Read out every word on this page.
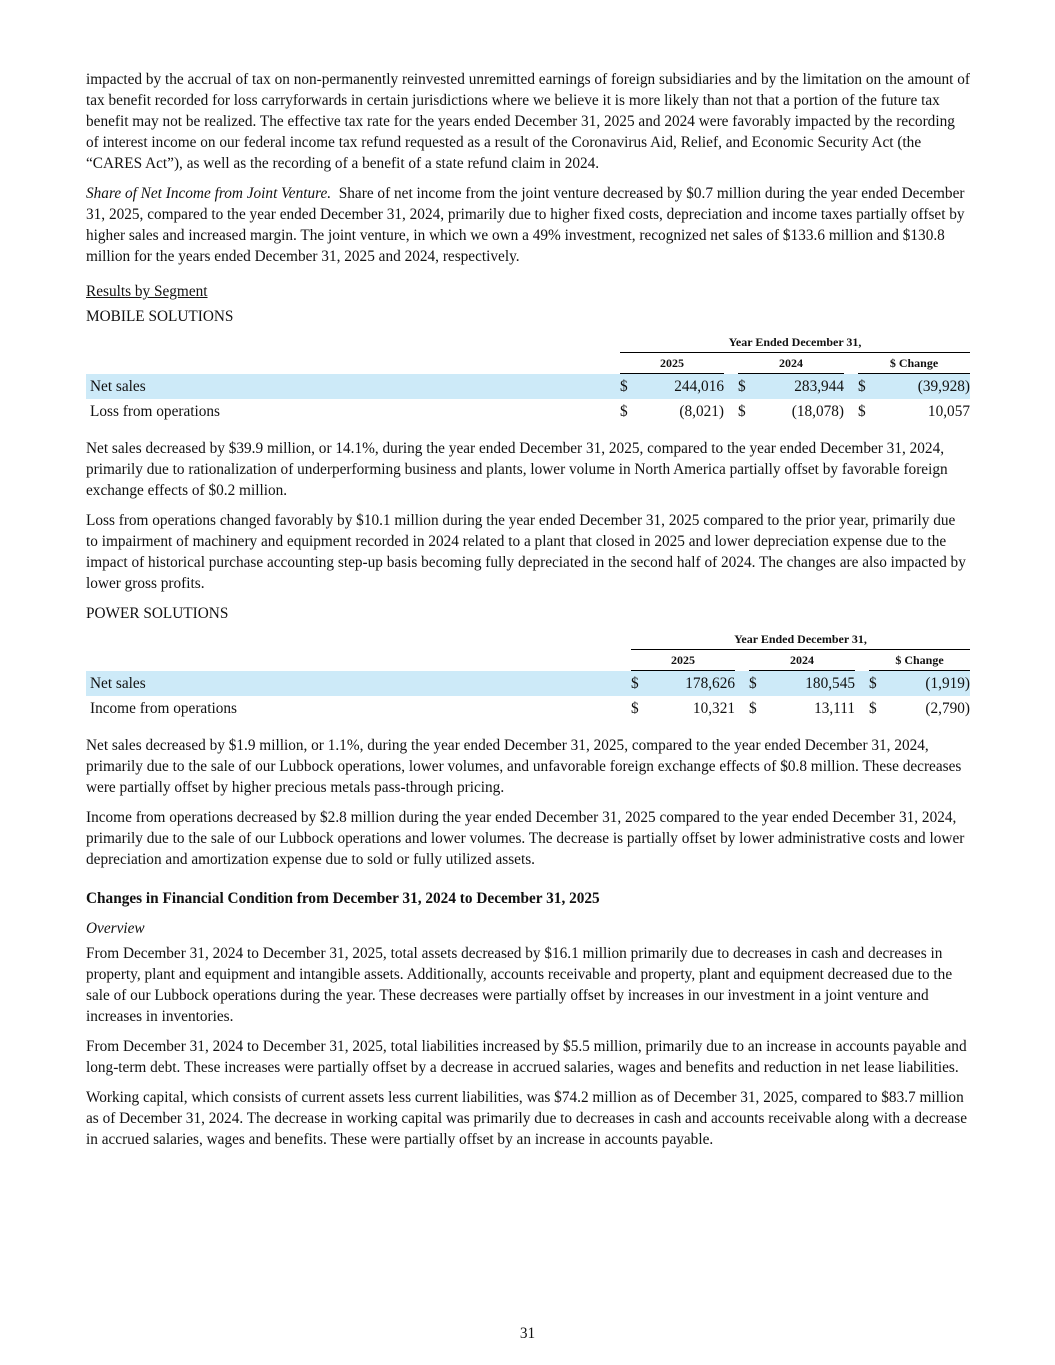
impacted by the accrual of tax on non-permanently reinvested unremitted earnings of foreign subsidiaries and by the limitation on the amount of tax benefit recorded for loss carryforwards in certain jurisdictions where we believe it is more likely than not that a portion of the future tax benefit may not be realized. The effective tax rate for the years ended December 31, 2025 and 2024 were favorably impacted by the recording of interest income on our federal income tax refund requested as a result of the Coronavirus Aid, Relief, and Economic Security Act (the “CARES Act”), as well as the recording of a benefit of a state refund claim in 2024.

Share of Net Income from Joint Venture. Share of net income from the joint venture decreased by $0.7 million during the year ended December 31, 2025, compared to the year ended December 31, 2024, primarily due to higher fixed costs, depreciation and income taxes partially offset by higher sales and increased margin. The joint venture, in which we own a 49% investment, recognized net sales of $133.6 million and $130.8 million for the years ended December 31, 2025 and 2024, respectively.

Results by Segment

MOBILE SOLUTIONS

	Year Ended December 31,							
	2025			2024			$ Change	
Net sales	$	244,016		$	283,944		$	(39,928)
Loss from operations	$	(8,021)		$	(18,078)		$	10,057

Net sales decreased by $39.9 million, or 14.1%, during the year ended December 31, 2025, compared to the year ended December 31, 2024, primarily due to rationalization of underperforming business and plants, lower volume in North America partially offset by favorable foreign exchange effects of $0.2 million.

Loss from operations changed favorably by $10.1 million during the year ended December 31, 2025 compared to the prior year, primarily due to impairment of machinery and equipment recorded in 2024 related to a plant that closed in 2025 and lower depreciation expense due to the impact of historical purchase accounting step-up basis becoming fully depreciated in the second half of 2024. The changes are also impacted by lower gross profits.

POWER SOLUTIONS

	Year Ended December 31,							
	2025			2024			$ Change	
Net sales	$	178,626		$	180,545		$	(1,919)
Income from operations	$	10,321		$	13,111		$	(2,790)

Net sales decreased by $1.9 million, or 1.1%, during the year ended December 31, 2025, compared to the year ended December 31, 2024, primarily due to the sale of our Lubbock operations, lower volumes, and unfavorable foreign exchange effects of $0.8 million. These decreases were partially offset by higher precious metals pass-through pricing.

Income from operations decreased by $2.8 million during the year ended December 31, 2025 compared to the year ended December 31, 2024, primarily due to the sale of our Lubbock operations and lower volumes. The decrease is partially offset by lower administrative costs and lower depreciation and amortization expense due to sold or fully utilized assets.

Changes in Financial Condition from December 31, 2024 to December 31, 2025

Overview

From December 31, 2024 to December 31, 2025, total assets decreased by $16.1 million primarily due to decreases in cash and decreases in property, plant and equipment and intangible assets. Additionally, accounts receivable and property, plant and equipment decreased due to the sale of our Lubbock operations during the year. These decreases were partially offset by increases in our investment in a joint venture and increases in inventories.

From December 31, 2024 to December 31, 2025, total liabilities increased by $5.5 million, primarily due to an increase in accounts payable and long-term debt. These increases were partially offset by a decrease in accrued salaries, wages and benefits and reduction in net lease liabilities.

Working capital, which consists of current assets less current liabilities, was $74.2 million as of December 31, 2025, compared to $83.7 million as of December 31, 2024. The decrease in working capital was primarily due to decreases in cash and accounts receivable along with a decrease in accrued salaries, wages and benefits. These were partially offset by an increase in accounts payable.

31
